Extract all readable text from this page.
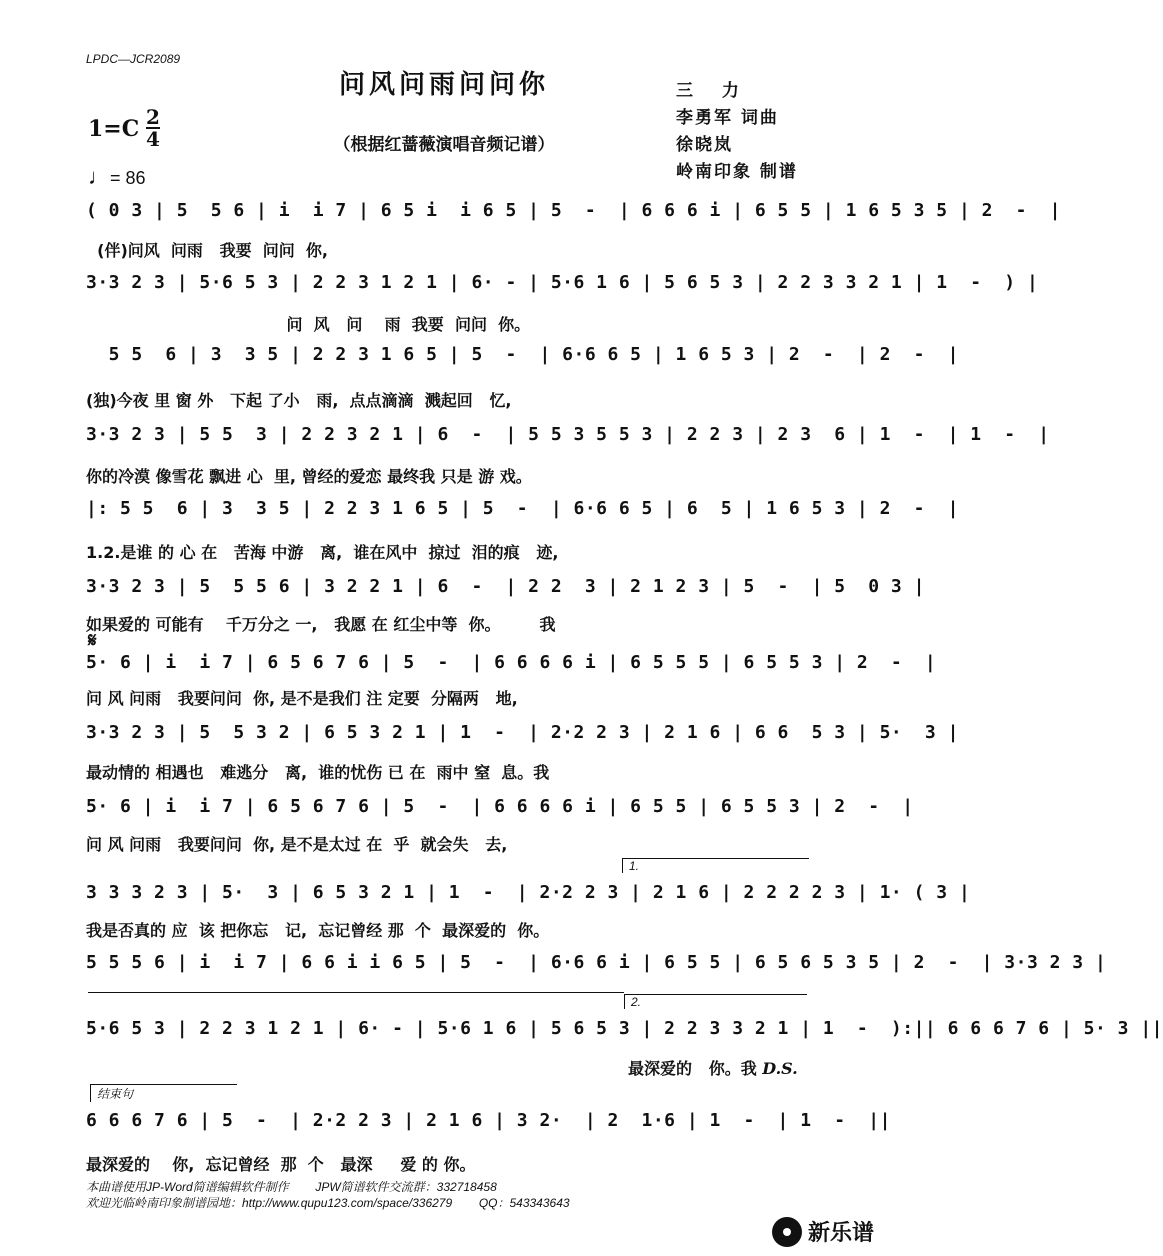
LPDC—JCR2089
问风问雨问问你
（根据红蔷薇演唱音频记谱）
1=C 2
4
♩= 86
三　 力
李勇军 词曲
徐晓岚
岭南印象 制谱
( 0 3 | 5  5 6 | i  i 7 | 6 5 i  i 6 5 | 5  -  | 6 6 6 i | 6 5 5 | 1 6 5 3 5 | 2  -  |
(伴)问风  问雨   我要  问问  你,
3·3 2 3 | 5·6 5 3 | 2 2 3 1 2 1 | 6· - | 5·6 1 6 | 5 6 5 3 | 2 2 3 3 2 1 | 1  -  ) |
问  风   问    雨  我要  问问  你。
5 5  6 | 3  3 5 | 2 2 3 1 6 5 | 5  -  | 6·6 6 5 | 1 6 5 3 | 2  -  | 2  -  |
(独)今夜 里 窗 外   下起 了小   雨,  点点滴滴  溅起回   忆,
3·3 2 3 | 5 5  3 | 2 2 3 2 1 | 6  -  | 5 5 3 5 5 3 | 2 2 3 | 2 3  6 | 1  -  | 1  -  |
你的冷漠 像雪花 飘进 心  里, 曾经的爱恋 最终我 只是 游 戏。
|: 5 5  6 | 3  3 5 | 2 2 3 1 6 5 | 5  -  | 6·6 6 5 | 6  5 | 1 6 5 3 | 2  -  |
1.2.是谁 的 心 在   苦海 中游   离,  谁在风中  掠过  泪的痕   迹,
3·3 2 3 | 5  5 5 6 | 3 2 2 1 | 6  -  | 2 2  3 | 2 1 2 3 | 5  -  | 5  0 3 |
如果爱的 可能有    千万分之 一,   我愿 在 红尘中等  你。       我
𝄋
5· 6 | i  i 7 | 6 5 6 7 6 | 5  -  | 6 6 6 6 i | 6 5 5 5 | 6 5 5 3 | 2  -  |
问 风 问雨   我要问问  你, 是不是我们 注 定要  分隔两   地,
3·3 2 3 | 5  5 3 2 | 6 5 3 2 1 | 1  -  | 2·2 2 3 | 2 1 6 | 6 6  5 3 | 5·  3 |
最动情的 相遇也   难逃分   离,  谁的忧伤 已 在  雨中 窒  息。我
5· 6 | i  i 7 | 6 5 6 7 6 | 5  -  | 6 6 6 6 i | 6 5 5 | 6 5 5 3 | 2  -  |
问 风 问雨   我要问问  你, 是不是太过 在  乎  就会失   去,
1.
3 3 3 2 3 | 5·  3 | 6 5 3 2 1 | 1  -  | 2·2 2 3 | 2 1 6 | 2 2 2 2 3 | 1· ( 3 |
我是否真的 应  该 把你忘   记,  忘记曾经 那  个  最深爱的  你。
5 5 5 6 | i  i 7 | 6 6 i i 6 5 | 5  -  | 6·6 6 i | 6 5 5 | 6 5 6 5 3 5 | 2  -  | 3·3 2 3 |
2.
5·6 5 3 | 2 2 3 1 2 1 | 6· - | 5·6 1 6 | 5 6 5 3 | 2 2 3 3 2 1 | 1  -  ):|| 6 6 6 7 6 | 5· 3 ||
最深爱的   你。我 D.S.
结束句
6 6 6 7 6 | 5  -  | 2·2 2 3 | 2 1 6 | 3 2·  | 2  1·6 | 1  -  | 1  -  ||
最深爱的    你,  忘记曾经  那  个   最深     爱 的 你。
本曲谱使用JP-Word简谱编辑软件制作        JPW简谱软件交流群：332718458
欢迎光临岭南印象制谱园地：http://www.qupu123.com/space/336279        QQ：543343643
新乐谱
